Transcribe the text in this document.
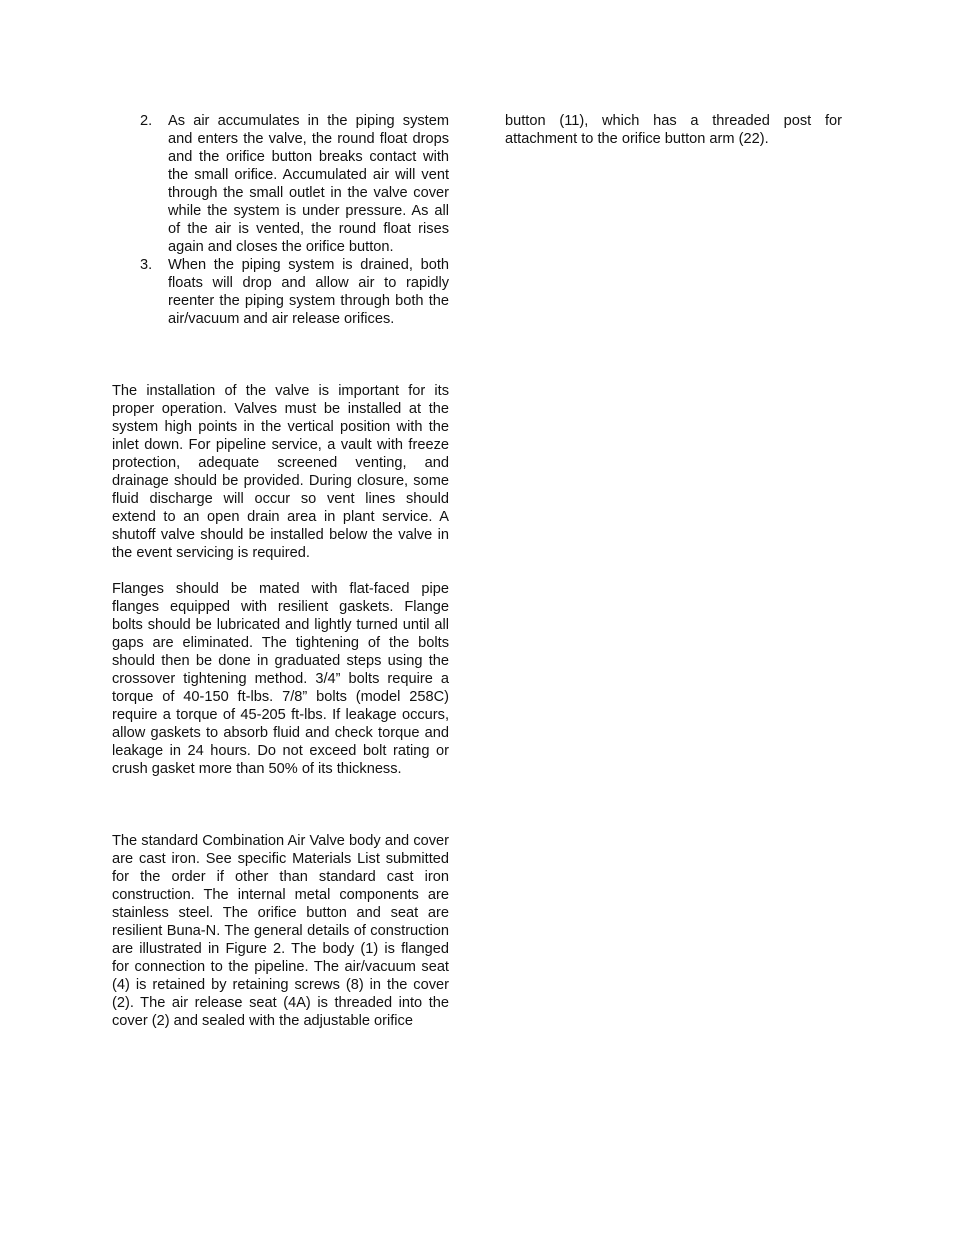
2. As air accumulates in the piping system and enters the valve, the round float drops and the orifice button breaks contact with the small orifice. Accumulated air will vent through the small outlet in the valve cover while the system is under pressure. As all of the air is vented, the round float rises again and closes the orifice button.
3. When the piping system is drained, both floats will drop and allow air to rapidly reenter the piping system through both the air/vacuum and air release orifices.

The installation of the valve is important for its proper operation. Valves must be installed at the system high points in the vertical position with the inlet down. For pipeline service, a vault with freeze protection, adequate screened venting, and drainage should be provided. During closure, some fluid discharge will occur so vent lines should extend to an open drain area in plant service. A shutoff valve should be installed below the valve in the event servicing is required.

Flanges should be mated with flat-faced pipe flanges equipped with resilient gaskets. Flange bolts should be lubricated and lightly turned until all gaps are eliminated. The tightening of the bolts should then be done in graduated steps using the crossover tightening method. 3/4” bolts require a torque of 40-150 ft-lbs. 7/8” bolts (model 258C) require a torque of 45-205 ft-lbs. If leakage occurs, allow gaskets to absorb fluid and check torque and leakage in 24 hours. Do not exceed bolt rating or crush gasket more than 50% of its thickness.

The standard Combination Air Valve body and cover are cast iron. See specific Materials List submitted for the order if other than standard cast iron construction. The internal metal components are stainless steel. The orifice button and seat are resilient Buna-N. The general details of construction are illustrated in Figure 2. The body (1) is flanged for connection to the pipeline. The air/vacuum seat (4) is retained by retaining screws (8) in the cover (2). The air release seat (4A) is threaded into the cover (2) and sealed with the adjustable orifice

button (11), which has a threaded post for attachment to the orifice button arm (22).
